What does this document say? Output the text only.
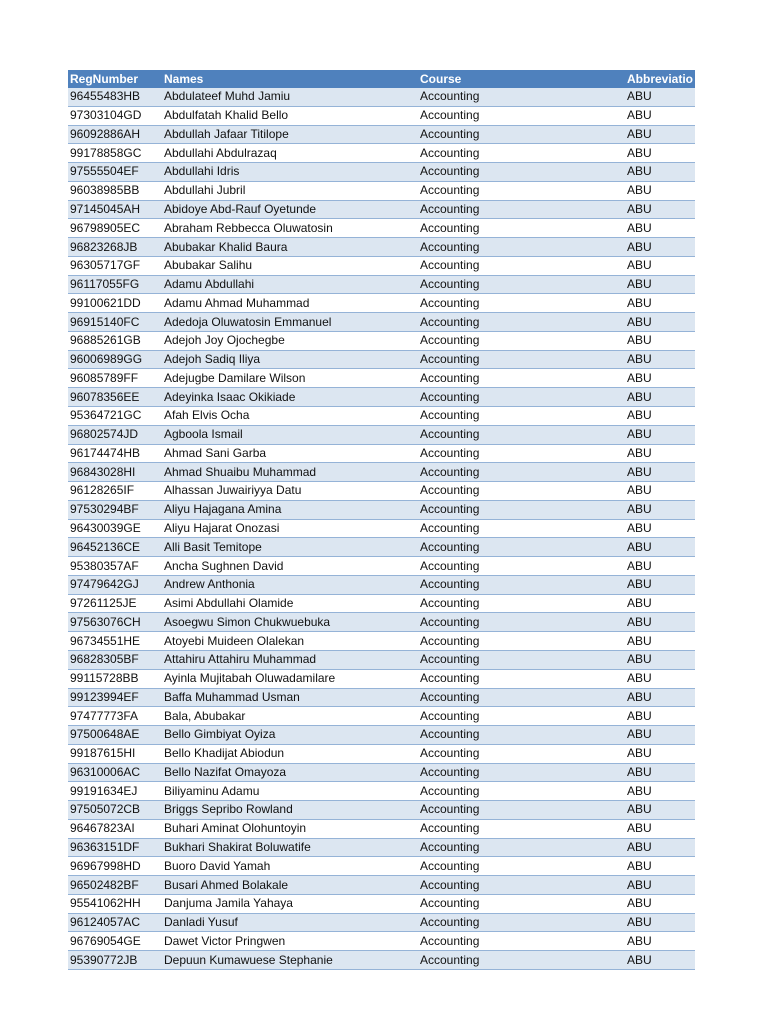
RegNumber	Names	Course	Abbreviatio
96455483HB	Abdulateef Muhd Jamiu	Accounting	ABU
97303104GD	Abdulfatah Khalid Bello	Accounting	ABU
96092886AH	Abdullah Jafaar Titilope	Accounting	ABU
99178858GC	Abdullahi Abdulrazaq	Accounting	ABU
97555504EF	Abdullahi Idris	Accounting	ABU
96038985BB	Abdullahi Jubril	Accounting	ABU
97145045AH	Abidoye Abd-Rauf Oyetunde	Accounting	ABU
96798905EC	Abraham Rebbecca Oluwatosin	Accounting	ABU
96823268JB	Abubakar Khalid Baura	Accounting	ABU
96305717GF	Abubakar Salihu	Accounting	ABU
96117055FG	Adamu Abdullahi	Accounting	ABU
99100621DD	Adamu Ahmad Muhammad	Accounting	ABU
96915140FC	Adedoja Oluwatosin Emmanuel	Accounting	ABU
96885261GB	Adejoh Joy Ojochegbe	Accounting	ABU
96006989GG	Adejoh Sadiq Iliya	Accounting	ABU
96085789FF	Adejugbe Damilare Wilson	Accounting	ABU
96078356EE	Adeyinka Isaac Okikiade	Accounting	ABU
95364721GC	Afah Elvis Ocha	Accounting	ABU
96802574JD	Agboola Ismail	Accounting	ABU
96174474HB	Ahmad Sani Garba	Accounting	ABU
96843028HI	Ahmad Shuaibu Muhammad	Accounting	ABU
96128265IF	Alhassan Juwairiyya Datu	Accounting	ABU
97530294BF	Aliyu Hajagana Amina	Accounting	ABU
96430039GE	Aliyu Hajarat Onozasi	Accounting	ABU
96452136CE	Alli Basit Temitope	Accounting	ABU
95380357AF	Ancha Sughnen David	Accounting	ABU
97479642GJ	Andrew Anthonia	Accounting	ABU
97261125JE	Asimi Abdullahi Olamide	Accounting	ABU
97563076CH	Asoegwu Simon Chukwuebuka	Accounting	ABU
96734551HE	Atoyebi Muideen Olalekan	Accounting	ABU
96828305BF	Attahiru Attahiru Muhammad	Accounting	ABU
99115728BB	Ayinla Mujitabah Oluwadamilare	Accounting	ABU
99123994EF	Baffa Muhammad Usman	Accounting	ABU
97477773FA	Bala, Abubakar	Accounting	ABU
97500648AE	Bello Gimbiyat Oyiza	Accounting	ABU
99187615HI	Bello Khadijat Abiodun	Accounting	ABU
96310006AC	Bello Nazifat Omayoza	Accounting	ABU
99191634EJ	Biliyaminu Adamu	Accounting	ABU
97505072CB	Briggs Sepribo Rowland	Accounting	ABU
96467823AI	Buhari Aminat Olohuntoyin	Accounting	ABU
96363151DF	Bukhari Shakirat Boluwatife	Accounting	ABU
96967998HD	Buoro David Yamah	Accounting	ABU
96502482BF	Busari Ahmed Bolakale	Accounting	ABU
95541062HH	Danjuma Jamila Yahaya	Accounting	ABU
96124057AC	Danladi Yusuf	Accounting	ABU
96769054GE	Dawet Victor Pringwen	Accounting	ABU
95390772JB	Depuun Kumawuese Stephanie	Accounting	ABU
